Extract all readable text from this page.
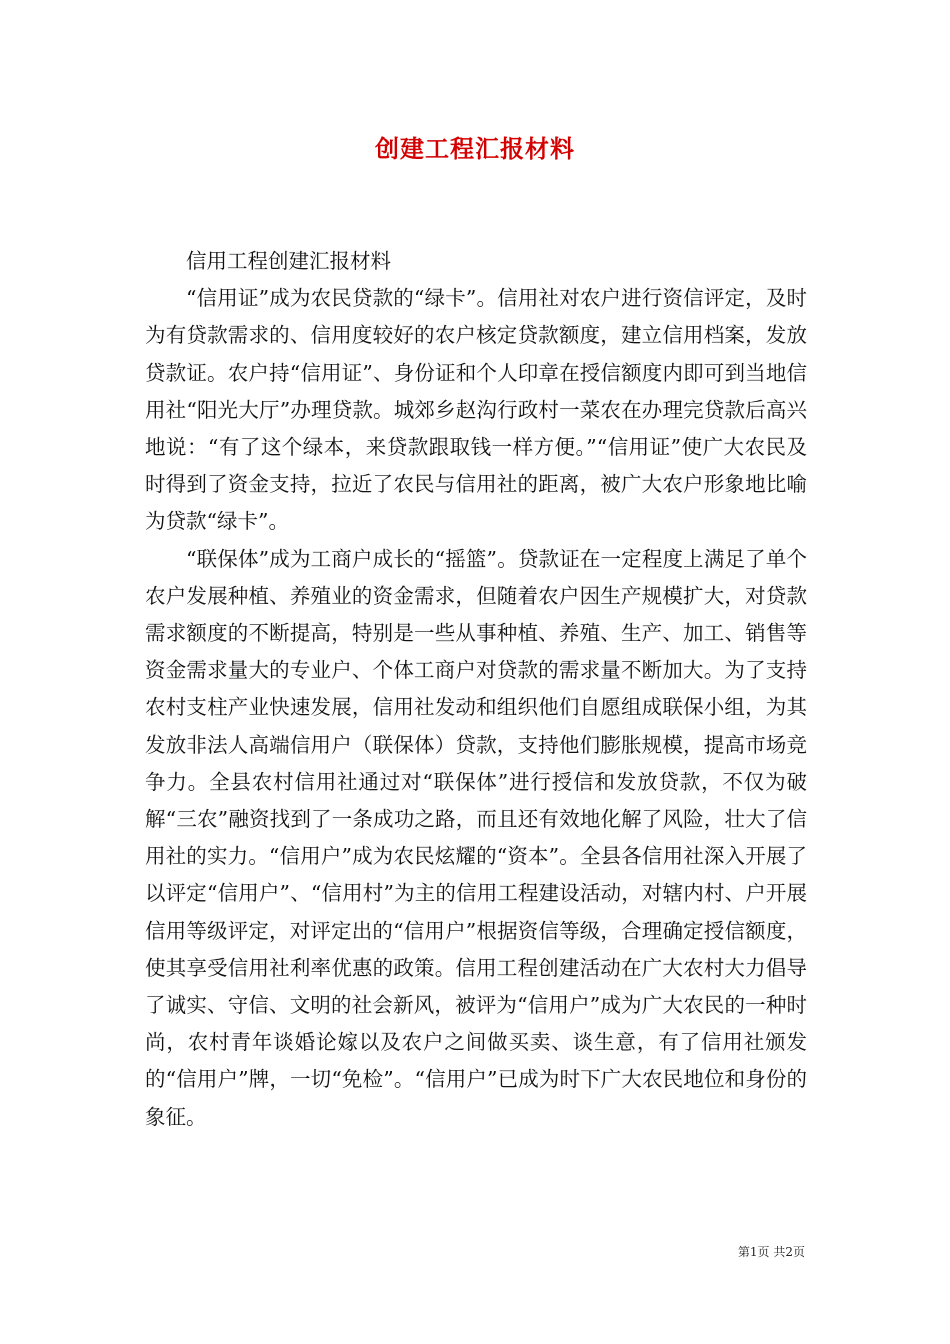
创建工程汇报材料

信用工程创建汇报材料

“信用证”成为农民贷款的“绿卡”。信用社对农户进行资信评定，及时为有贷款需求的、信用度较好的农户核定贷款额度，建立信用档案，发放贷款证。农户持“信用证”、身份证和个人印章在授信额度内即可到当地信用社“阳光大厅”办理贷款。城郊乡赵沟行政村一菜农在办理完贷款后高兴地说：“有了这个绿本，来贷款跟取钱一样方便。”“信用证”使广大农民及时得到了资金支持，拉近了农民与信用社的距离，被广大农户形象地比喻为贷款“绿卡”。

“联保体”成为工商户成长的“摇篮”。贷款证在一定程度上满足了单个农户发展种植、养殖业的资金需求，但随着农户因生产规模扩大，对贷款需求额度的不断提高，特别是一些从事种植、养殖、生产、加工、销售等资金需求量大的专业户、个体工商户对贷款的需求量不断加大。为了支持农村支柱产业快速发展，信用社发动和组织他们自愿组成联保小组，为其发放非法人高端信用户（联保体）贷款，支持他们膨胀规模，提高市场竞争力。全县农村信用社通过对“联保体”进行授信和发放贷款，不仅为破解“三农”融资找到了一条成功之路，而且还有效地化解了风险，壮大了信用社的实力。“信用户”成为农民炫耀的“资本”。全县各信用社深入开展了以评定“信用户”、“信用村”为主的信用工程建设活动，对辖内村、户开展信用等级评定，对评定出的“信用户”根据资信等级，合理确定授信额度，使其享受信用社利率优惠的政策。信用工程创建活动在广大农村大力倡导了诚实、守信、文明的社会新风，被评为“信用户”成为广大农民的一种时尚，农村青年谈婚论嫁以及农户之间做买卖、谈生意，有了信用社颁发的“信用户”牌，一切“免检”。“信用户”已成为时下广大农民地位和身份的象征。

第1页 共2页
